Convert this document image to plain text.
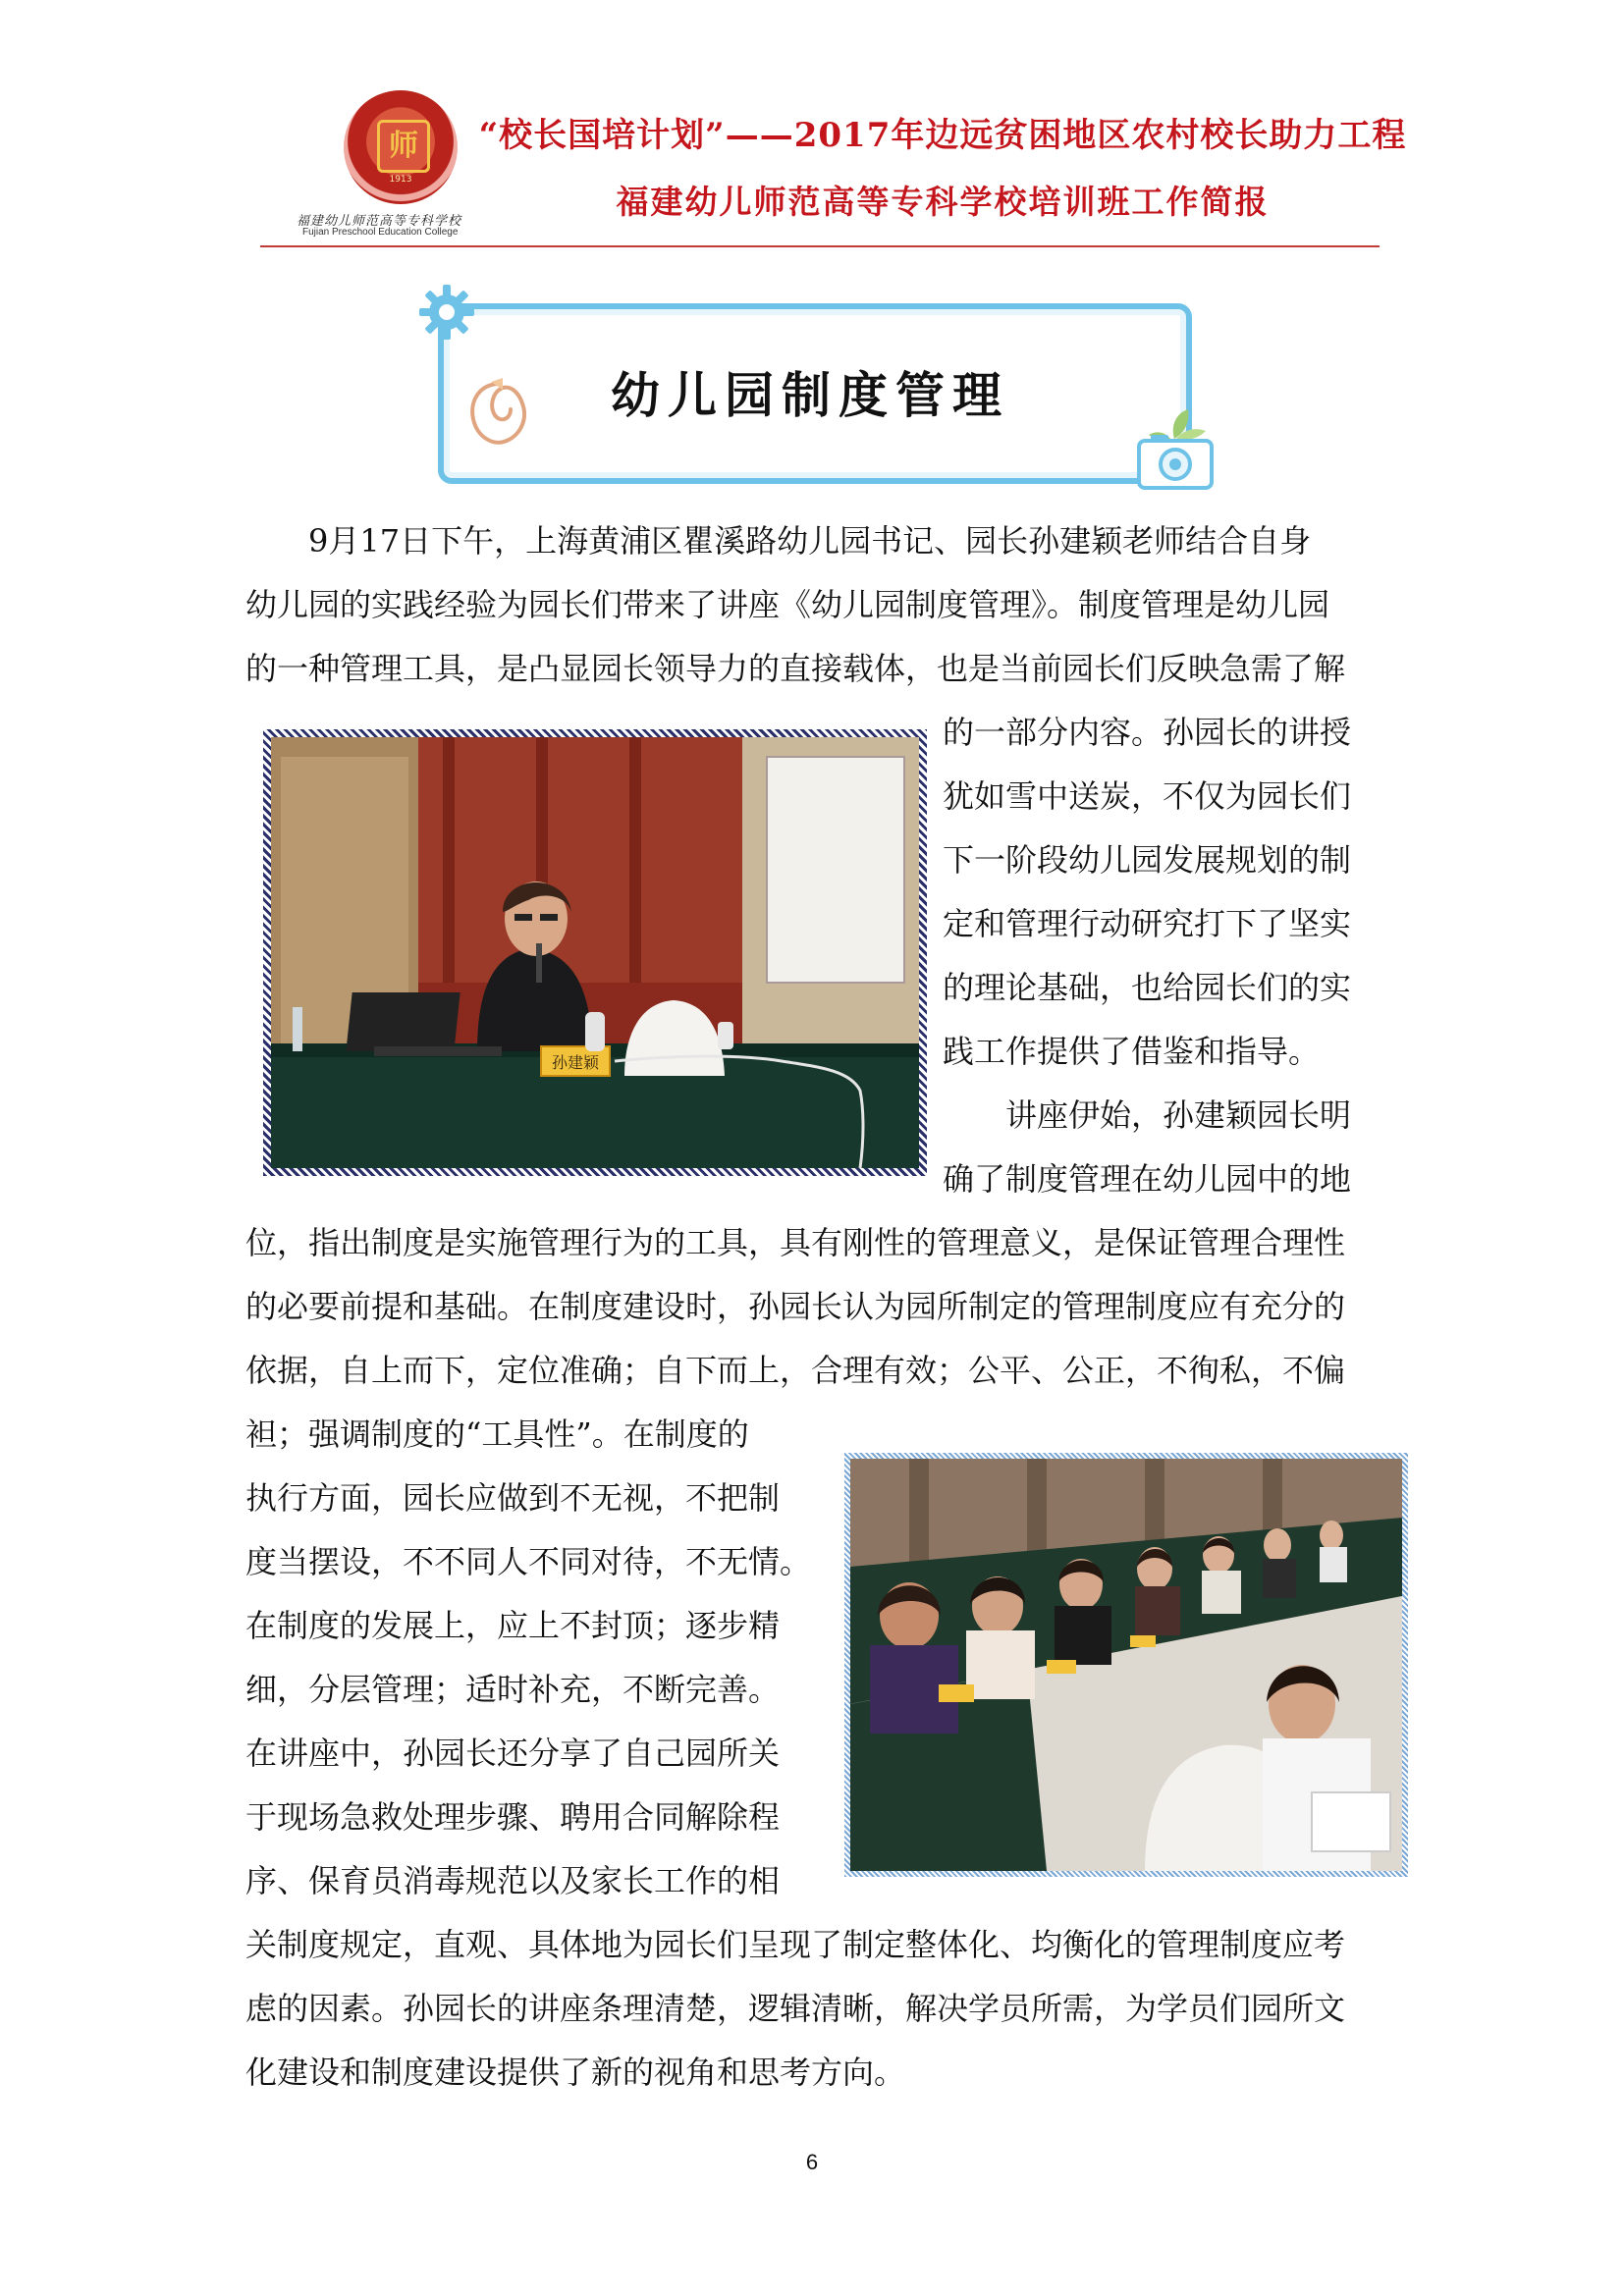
师
1913
福建幼儿师范高等专科学校
Fujian Preschool Education College
“校长国培计划”——2017年边远贫困地区农村校长助力工程
福建幼儿师范高等专科学校培训班工作简报
幼儿园制度管理
　　9月17日下午，上海黄浦区瞿溪路幼儿园书记、园长孙建颖老师结合自身
幼儿园的实践经验为园长们带来了讲座《幼儿园制度管理》。制度管理是幼儿园
的一种管理工具，是凸显园长领导力的直接载体，也是当前园长们反映急需了解
的一部分内容。孙园长的讲授
犹如雪中送炭，不仅为园长们
下一阶段幼儿园发展规划的制
定和管理行动研究打下了坚实
的理论基础，也给园长们的实
践工作提供了借鉴和指导。
　　讲座伊始，孙建颖园长明
确了制度管理在幼儿园中的地
位，指出制度是实施管理行为的工具，具有刚性的管理意义，是保证管理合理性
的必要前提和基础。在制度建设时，孙园长认为园所制定的管理制度应有充分的
依据，自上而下，定位准确；自下而上，合理有效；公平、公正，不徇私，不偏
袒；强调制度的“工具性”。在制度的
执行方面，园长应做到不无视，不把制
度当摆设，不不同人不同对待，不无情。
在制度的发展上，应上不封顶；逐步精
细，分层管理；适时补充，不断完善。
在讲座中，孙园长还分享了自己园所关
于现场急救处理步骤、聘用合同解除程
序、保育员消毒规范以及家长工作的相
关制度规定，直观、具体地为园长们呈现了制定整体化、均衡化的管理制度应考
虑的因素。孙园长的讲座条理清楚，逻辑清晰，解决学员所需，为学员们园所文
化建设和制度建设提供了新的视角和思考方向。
孙建颖
6
